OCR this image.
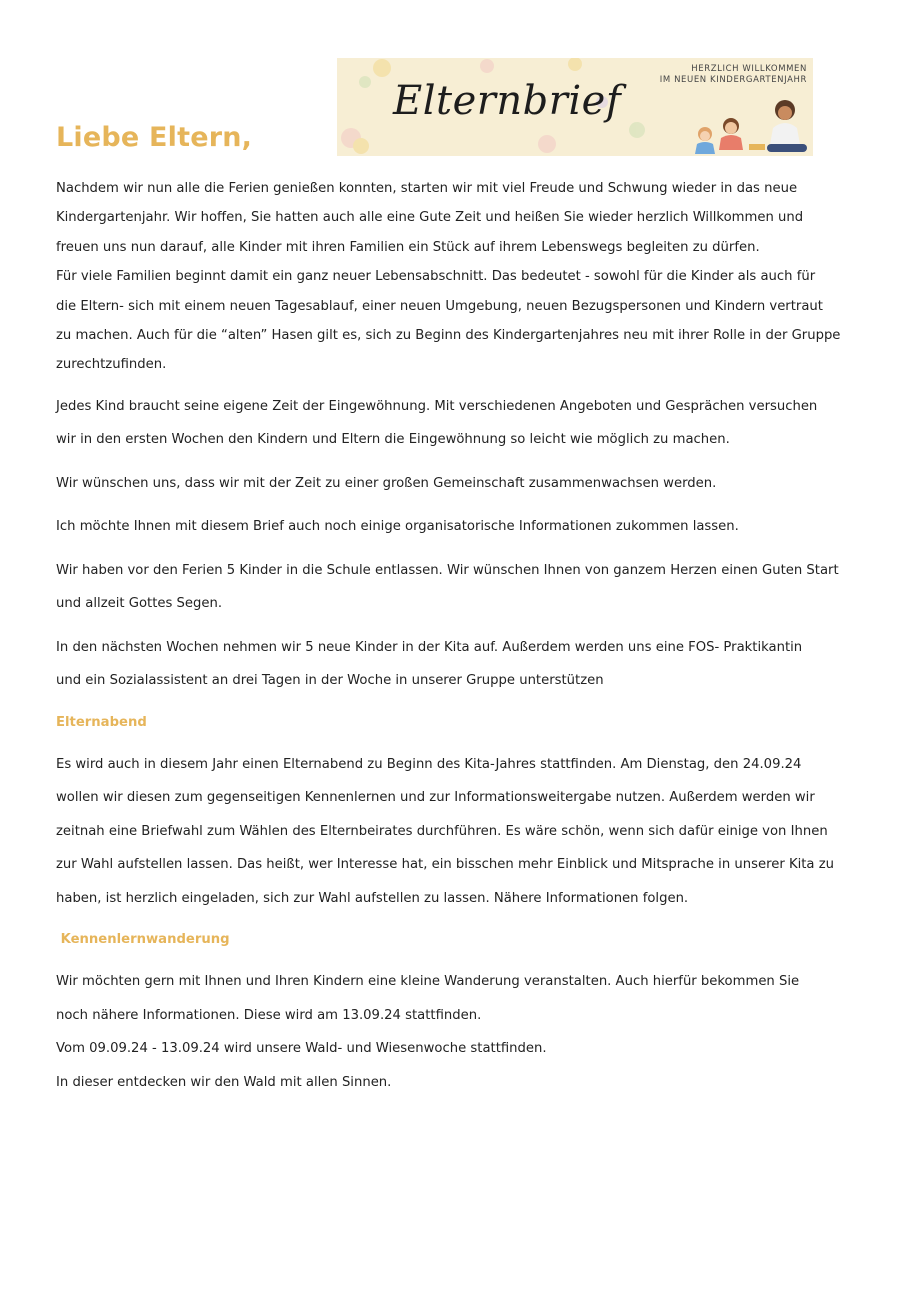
Liebe Eltern,
Elternbrief
HERZLICH WILLKOMMEN
IM NEUEN KINDERGARTENJAHR

Nachdem wir nun alle die Ferien genießen konnten, starten wir mit viel Freude und Schwung wieder in das neue
Kindergartenjahr. Wir hoffen, Sie hatten auch alle eine Gute Zeit und heißen Sie wieder herzlich Willkommen und
freuen uns nun darauf, alle Kinder mit ihren Familien ein Stück auf ihrem Lebenswegs begleiten zu dürfen.
Für viele Familien beginnt damit ein ganz neuer Lebensabschnitt. Das bedeutet - sowohl für die Kinder als auch für
die Eltern- sich mit einem neuen Tagesablauf, einer neuen Umgebung, neuen Bezugspersonen und Kindern vertraut
zu machen. Auch für die “alten” Hasen gilt es, sich zu Beginn des Kindergartenjahres neu mit ihrer Rolle in der Gruppe
zurechtzufinden.

Jedes Kind braucht seine eigene Zeit der Eingewöhnung. Mit verschiedenen Angeboten und Gesprächen versuchen
wir in den ersten Wochen den Kindern und Eltern die Eingewöhnung so leicht wie möglich zu machen.

Wir wünschen uns, dass wir mit der Zeit zu einer großen Gemeinschaft zusammenwachsen werden.

Ich möchte Ihnen mit diesem Brief auch noch einige organisatorische Informationen zukommen lassen.

Wir haben vor den Ferien 5 Kinder in die Schule entlassen. Wir wünschen Ihnen von ganzem Herzen einen Guten Start
und allzeit Gottes Segen.

In den nächsten Wochen nehmen wir 5 neue Kinder in der Kita auf. Außerdem werden uns eine FOS- Praktikantin
und ein Sozialassistent an drei Tagen in der Woche in unserer Gruppe unterstützen

Elternabend

Es wird auch in diesem Jahr einen Elternabend zu Beginn des Kita-Jahres stattfinden. Am Dienstag, den 24.09.24
wollen wir diesen zum gegenseitigen Kennenlernen und zur Informationsweitergabe nutzen. Außerdem werden wir
zeitnah eine Briefwahl zum Wählen des Elternbeirates durchführen. Es wäre schön, wenn sich dafür einige von Ihnen
zur Wahl aufstellen lassen. Das heißt, wer Interesse hat, ein bisschen mehr Einblick und Mitsprache in unserer Kita zu
haben, ist herzlich eingeladen, sich zur Wahl aufstellen zu lassen. Nähere Informationen folgen.

Kennenlernwanderung

Wir möchten gern mit Ihnen und Ihren Kindern eine kleine Wanderung veranstalten. Auch hierfür bekommen Sie
noch nähere Informationen. Diese wird am 13.09.24 stattfinden.
Vom 09.09.24 - 13.09.24 wird unsere Wald- und Wiesenwoche stattfinden.
In dieser entdecken wir den Wald mit allen Sinnen.
